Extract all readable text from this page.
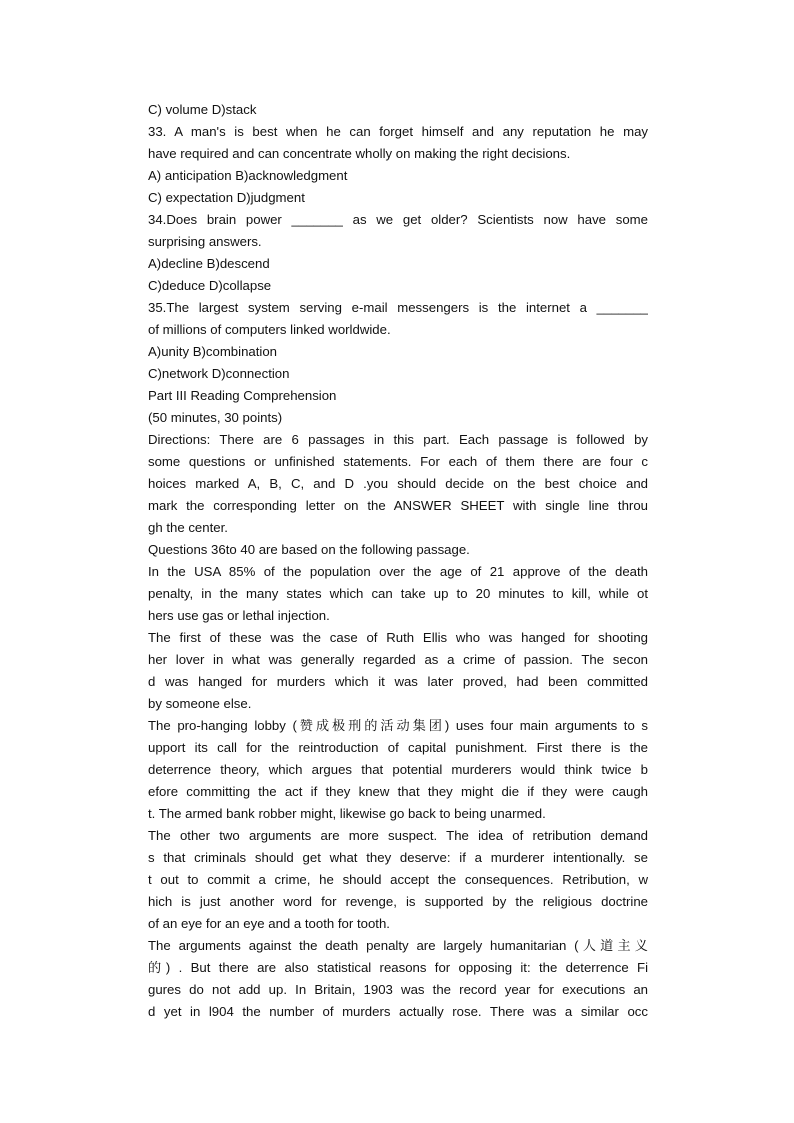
C) volume D)stack
33. A man's is best when he can forget himself and any reputation he may
have required and can concentrate wholly on making the right decisions.
A) anticipation B)acknowledgment
C) expectation D)judgment
34.Does brain power _______ as we get older? Scientists now have some
surprising answers.
A)decline B)descend
C)deduce D)collapse
35.The largest system serving e-mail messengers is the internet a _______
of millions of computers linked worldwide.
A)unity B)combination
C)network D)connection
Part III Reading Comprehension
(50 minutes, 30 points)
Directions: There are 6 passages in this part. Each passage is followed by
some questions or unfinished statements. For each of them there are four c
hoices marked A, B, C, and D .you should decide on the best choice and
mark the corresponding letter on the ANSWER SHEET with single line throu
gh the center.
Questions 36to 40 are based on the following passage.
In the USA 85% of the population over the age of 21 approve of the death
penalty, in the many states which can take up to 20 minutes to kill, while ot
hers use gas or lethal injection.
The first of these was the case of Ruth Ellis who was hanged for shooting
her lover in what was generally regarded as a crime of passion. The secon
d was hanged for murders which it was later proved, had been committed
by someone else.
The pro-hanging lobby (赞成极刑的活动集团) uses four main arguments to s
upport its call for the reintroduction of capital punishment. First there is the
deterrence theory, which argues that potential murderers would think twice b
efore committing the act if they knew that they might die if they were caugh
t. The armed bank robber might, likewise go back to being unarmed.
The other two arguments are more suspect. The idea of retribution demand
s that criminals should get what they deserve: if a murderer intentionally. se
t out to commit a crime, he should accept the consequences. Retribution, w
hich is just another word for revenge, is supported by the religious doctrine
of an eye for an eye and a tooth for tooth.
The arguments against the death penalty are largely humanitarian (人道主义
的) . But there are also statistical reasons for opposing it: the deterrence Fi
gures do not add up. In Britain, 1903 was the record year for executions an
d yet in l904 the number of murders actually rose. There was a similar occ
